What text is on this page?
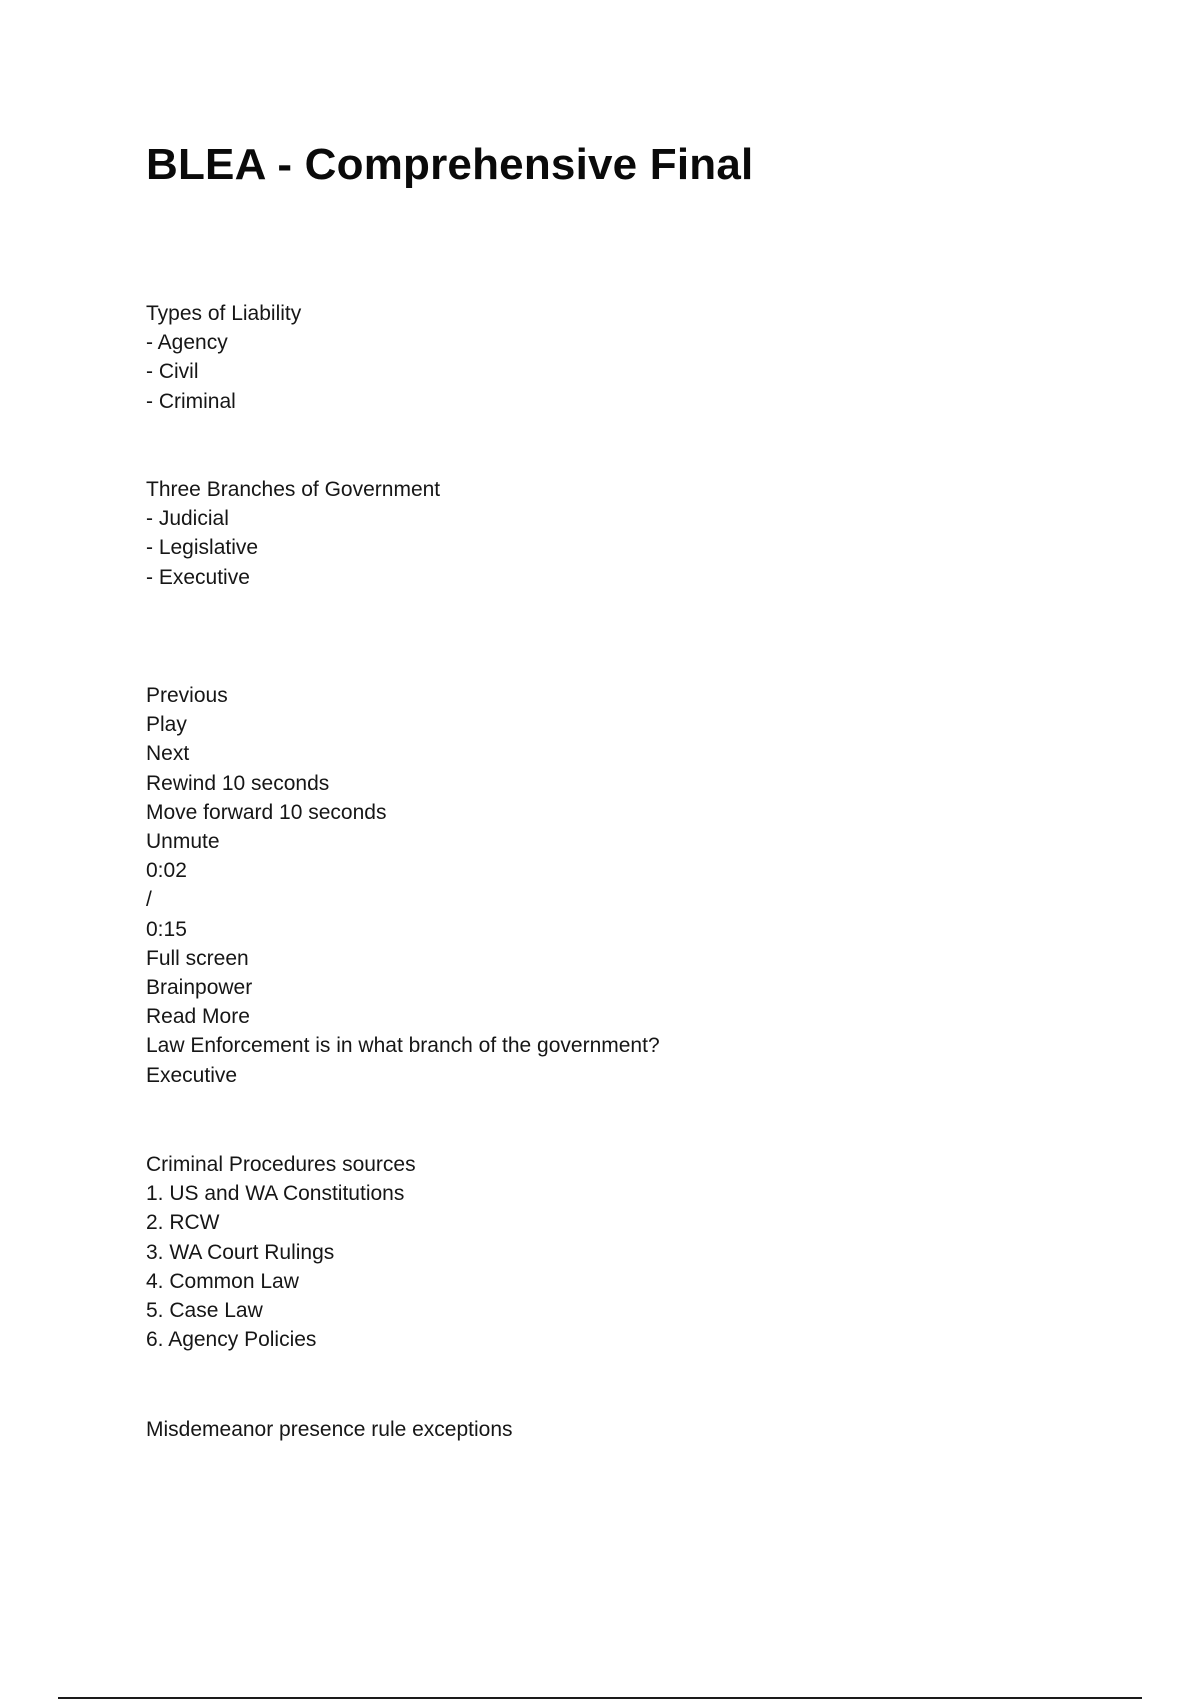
BLEA - Comprehensive Final
Types of Liability
- Agency
- Civil
- Criminal
Three Branches of Government
- Judicial
- Legislative
- Executive
Previous
Play
Next
Rewind 10 seconds
Move forward 10 seconds
Unmute
0:02
/
0:15
Full screen
Brainpower
Read More
Law Enforcement is in what branch of the government?
Executive
Criminal Procedures sources
1. US and WA Constitutions
2. RCW
3. WA Court Rulings
4. Common Law
5. Case Law
6. Agency Policies
Misdemeanor presence rule exceptions
